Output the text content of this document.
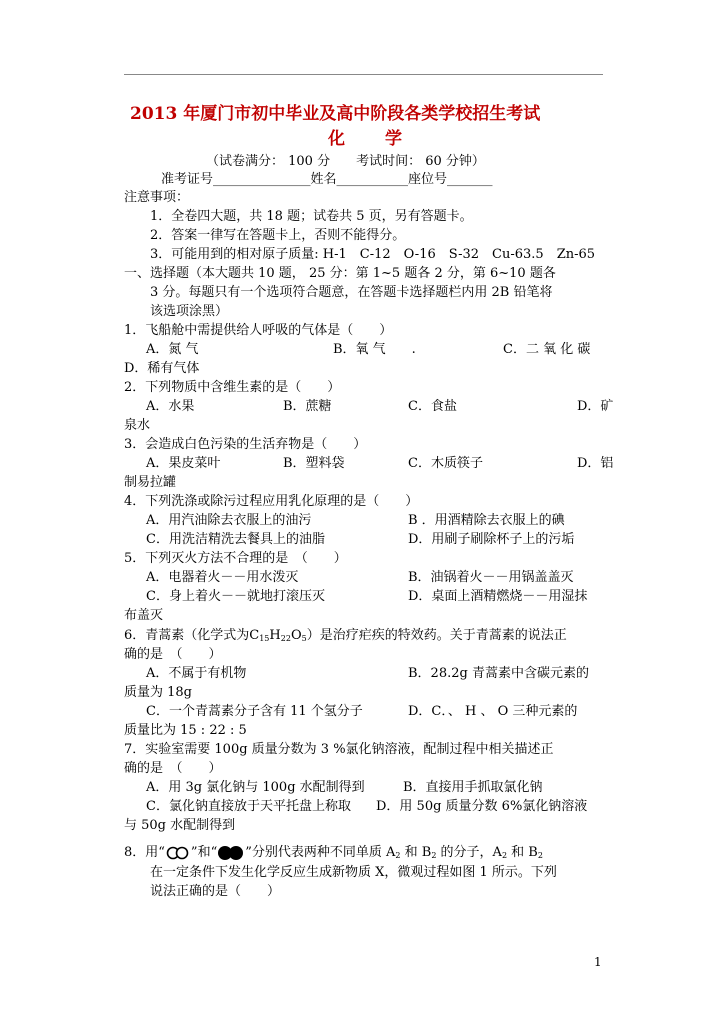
2013 年厦门市初中毕业及高中阶段各类学校招生考试
化　　学
（试卷满分： 100 分　　考试时间： 60 分钟）
准考证号_______________姓名___________座位号_______
注意事项：
1．全卷四大题，共 18 题；试卷共 5 页，另有答题卡。
2．答案一律写在答题卡上，否则不能得分。
3．可能用到的相对原子质量: H-1　C-12　O-16　S-32　Cu-63.5　Zn-65
一、选择题（本大题共 10 题， 25 分：第 1~5 题各 2 分，第 6~10 题各
3 分。每题只有一个选项符合题意，在答题卡选择题栏内用 2B 铅笔将
该选项涂黑）
1．飞船舱中需提供给人呼吸的气体是（　　）
A．氮 气	B．氧 气　　.	C．二 氧 化 碳
D．稀有气体
2．下列物质中含维生素的是（　　）
A．水果	B．蔗糖	C．食盐	D．矿
泉水
3．会造成白色污染的生活弃物是（　　）
A．果皮菜叶	B．塑料袋	C．木质筷子	D．铝
制易拉罐
4．下列洗涤或除污过程应用乳化原理的是（　　）
A．用汽油除去衣服上的油污	B ．用酒精除去衣服上的碘
C．用洗洁精洗去餐具上的油脂	D．用刷子刷除杯子上的污垢
5．下列灭火方法不合理的是　（　　）
A．电器着火－－用水泼灭	B．油锅着火－－用锅盖盖灭
C．身上着火－－就地打滚压灭	D．桌面上酒精燃烧－－用湿抹
布盖灭
6．青蒿素（化学式为$C_{15}H_{22}O_5$）是治疗疟疾的特效药。关于青蒿素的说法正
确的是　（　　）
A．不属于有机物	B．28.2g 青蒿素中含碳元素的
质量为 18g
C．一个青蒿素分子含有 11 个氢分子	D．C．、 H 、 O 三种元素的
质量比为 15 : 22 : 5
7．实验室需要 100g 质量分数为 3 %氯化钠溶液，配制过程中相关描述正
确的是　（　　）
A．用 3g 氯化钠与 100g 水配制得到	B．直接用手抓取氯化钠
C．氯化钠直接放于天平托盘上称取 D．用 50g 质量分数 6%氯化钠溶液
与 50g 水配制得到
8．用“ ”和“ ”分别代表两种不同单质 $A_2$ 和 $B_2$ 的分子，$A_2$ 和 $B_2$
在一定条件下发生化学反应生成新物质 X，微观过程如图 1 所示。下列
说法正确的是（　　）
1
